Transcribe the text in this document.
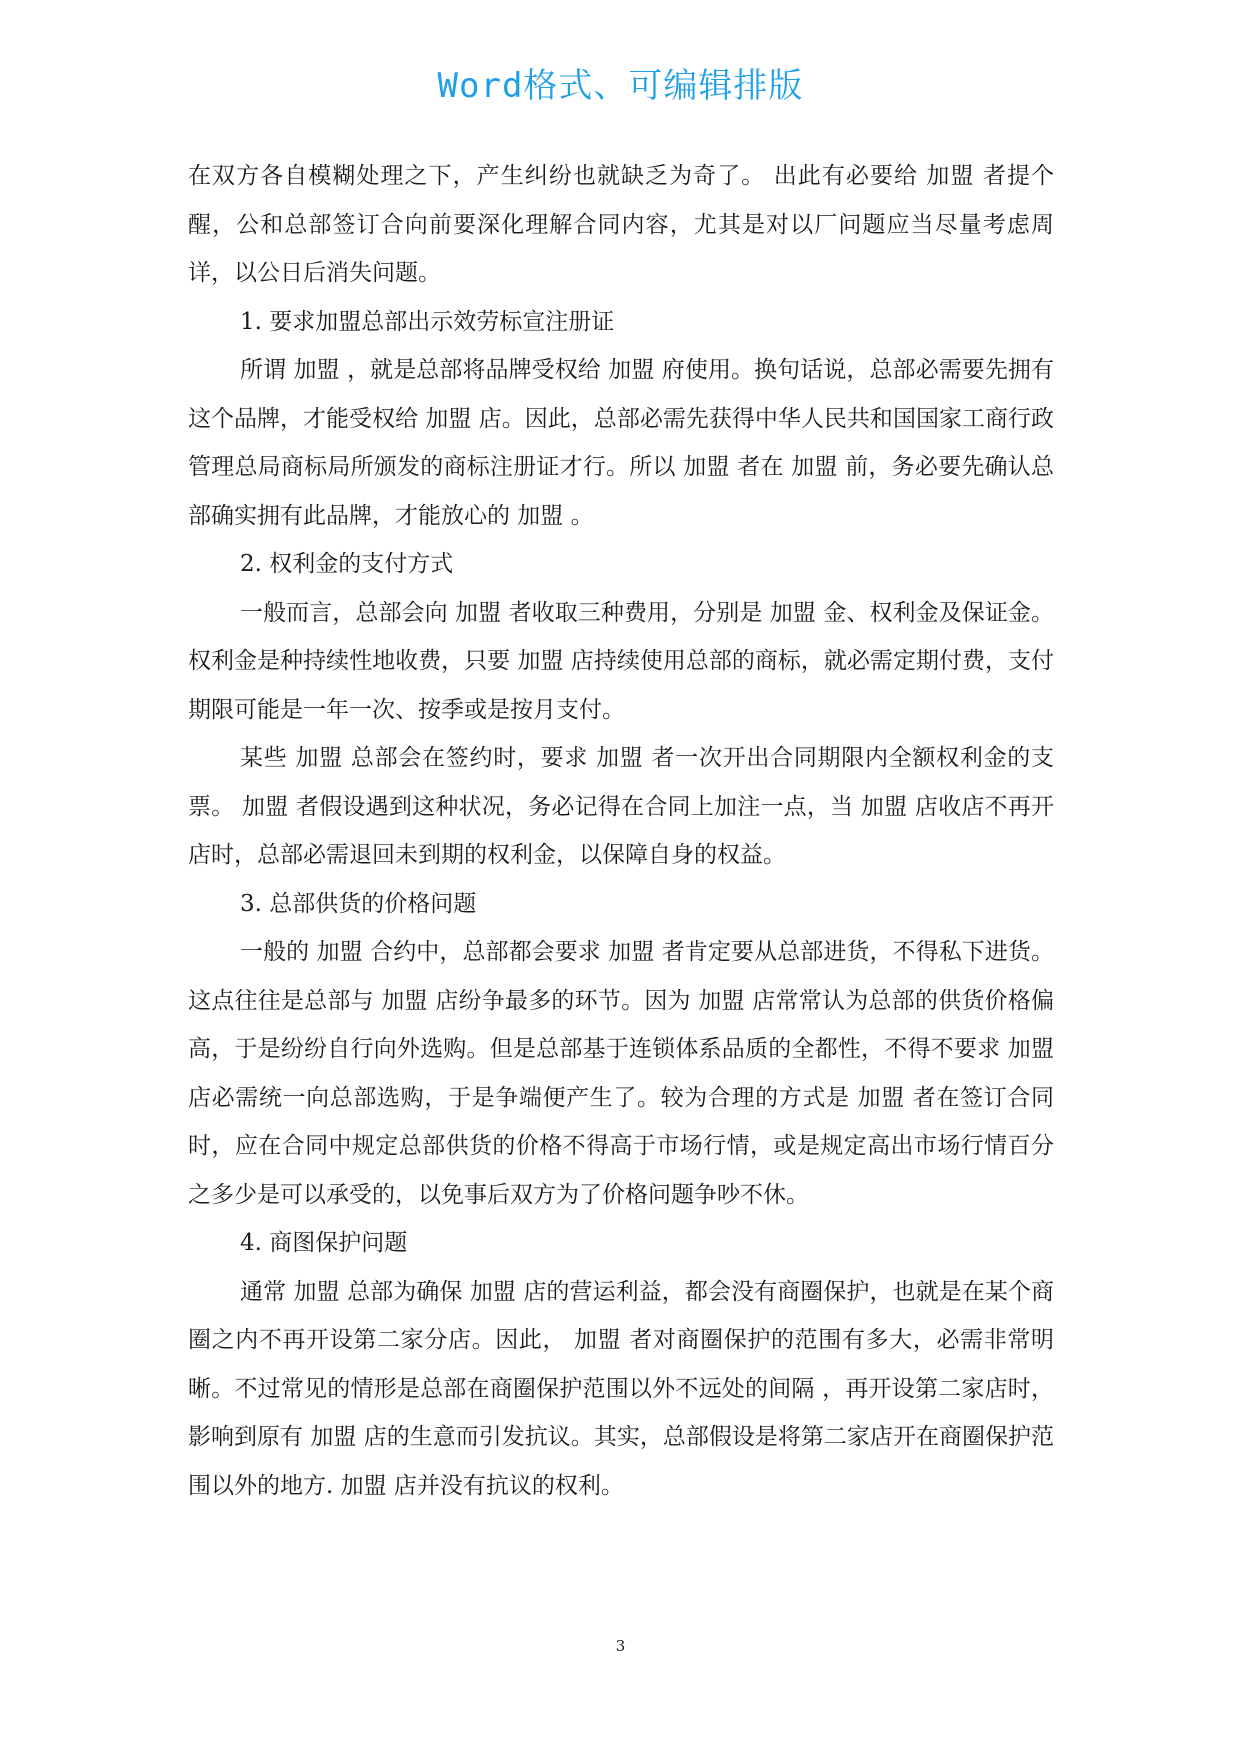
Word格式、可编辑排版

在双方各自模糊处理之下，产生纠纷也就缺乏为奇了。 出此有必要给 加盟 者提个醒，公和总部签订合向前要深化理解合同内容，尤其是对以厂问题应当尽量考虑周详，以公日后消失问题。

1. 要求加盟总部出示效劳标宣注册证

所谓 加盟 ，就是总部将品牌受权给 加盟 府使用。换句话说，总部必需要先拥有这个品牌，才能受权给 加盟 店。因此，总部必需先获得中华人民共和国国家工商行政管理总局商标局所颁发的商标注册证才行。所以 加盟 者在 加盟 前，务必要先确认总部确实拥有此品牌，才能放心的 加盟 。

2. 权利金的支付方式

一般而言，总部会向 加盟 者收取三种费用，分别是 加盟 金、权利金及保证金。权利金是种持续性地收费，只要 加盟 店持续使用总部的商标，就必需定期付费，支付期限可能是一年一次、按季或是按月支付。

某些 加盟 总部会在签约时，要求 加盟 者一次开出合同期限内全额权利金的支票。 加盟 者假设遇到这种状况，务必记得在合同上加注一点，当 加盟 店收店不再开店时，总部必需退回未到期的权利金，以保障自身的权益。

3. 总部供货的价格问题

一般的 加盟 合约中，总部都会要求 加盟 者肯定要从总部进货，不得私下进货。这点往往是总部与 加盟 店纷争最多的环节。因为 加盟 店常常认为总部的供货价格偏高，于是纷纷自行向外选购。但是总部基于连锁体系品质的全都性，不得不要求 加盟 店必需统一向总部选购，于是争端便产生了。较为合理的方式是 加盟 者在签订合同时，应在合同中规定总部供货的价格不得高于市场行情，或是规定高出市场行情百分之多少是可以承受的，以免事后双方为了价格问题争吵不休。

4. 商图保护问题

通常 加盟 总部为确保 加盟 店的营运利益，都会没有商圈保护，也就是在某个商圈之内不再开设第二家分店。因此， 加盟 者对商圈保护的范围有多大，必需非常明晰。不过常见的情形是总部在商圈保护范围以外不远处的间隔 ，再开设第二家店时，影响到原有 加盟 店的生意而引发抗议。其实，总部假设是将第二家店开在商圈保护范围以外的地方. 加盟 店并没有抗议的权利。

3
